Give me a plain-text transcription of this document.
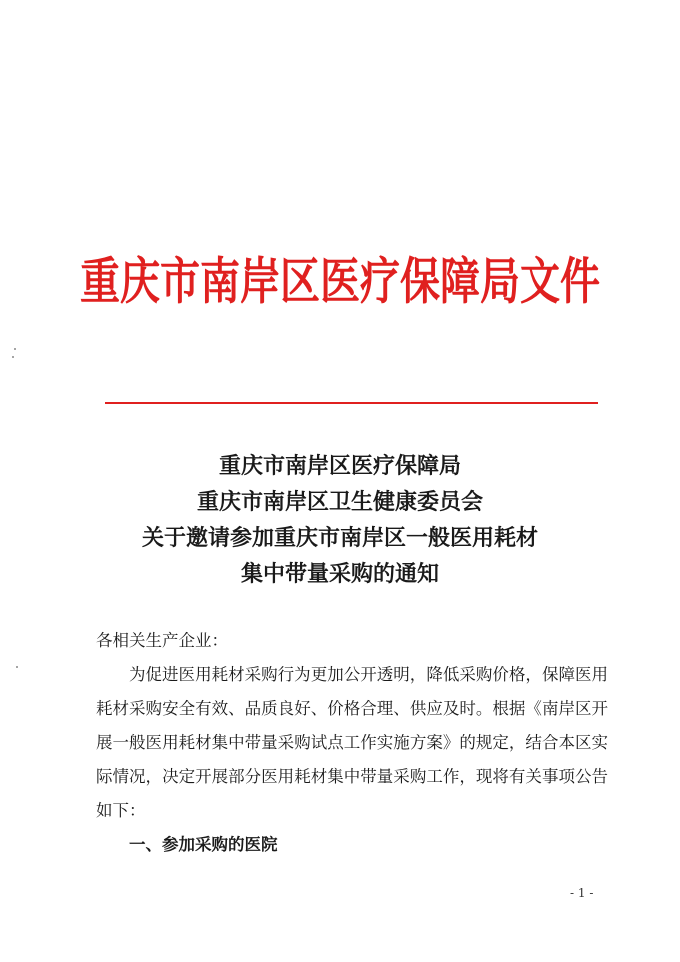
重庆市南岸区医疗保障局文件
重庆市南岸区医疗保障局
重庆市南岸区卫生健康委员会
关于邀请参加重庆市南岸区一般医用耗材
集中带量采购的通知
各相关生产企业：
为促进医用耗材采购行为更加公开透明，降低采购价格，保障医用耗材采购安全有效、品质良好、价格合理、供应及时。根据《南岸区开展一般医用耗材集中带量采购试点工作实施方案》的规定，结合本区实际情况，决定开展部分医用耗材集中带量采购工作，现将有关事项公告如下：
一、参加采购的医院
- 1 -
